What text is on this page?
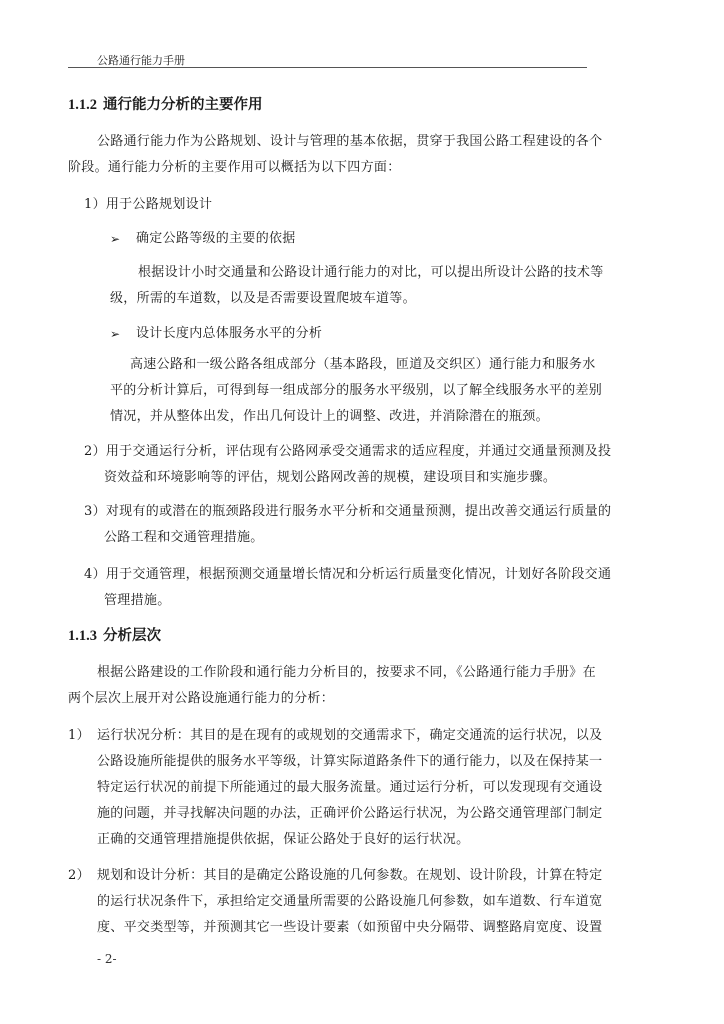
公路通行能力手册
1.1.2 通行能力分析的主要作用
公路通行能力作为公路规划、设计与管理的基本依据，贯穿于我国公路工程建设的各个
阶段。通行能力分析的主要作用可以概括为以下四方面：
1）用于公路规划设计
➢ 确定公路等级的主要的依据
根据设计小时交通量和公路设计通行能力的对比，可以提出所设计公路的技术等
级，所需的车道数，以及是否需要设置爬坡车道等。
➢ 设计长度内总体服务水平的分析
高速公路和一级公路各组成部分（基本路段，匝道及交织区）通行能力和服务水
平的分析计算后，可得到每一组成部分的服务水平级别，以了解全线服务水平的差别
情况，并从整体出发，作出几何设计上的调整、改进，并消除潜在的瓶颈。
2）用于交通运行分析，评估现有公路网承受交通需求的适应程度，并通过交通量预测及投
资效益和环境影响等的评估，规划公路网改善的规模，建设项目和实施步骤。
3）对现有的或潜在的瓶颈路段进行服务水平分析和交通量预测，提出改善交通运行质量的
公路工程和交通管理措施。
4）用于交通管理，根据预测交通量增长情况和分析运行质量变化情况，计划好各阶段交通
管理措施。
1.1.3 分析层次
根据公路建设的工作阶段和通行能力分析目的，按要求不同，《公路通行能力手册》在
两个层次上展开对公路设施通行能力的分析：
1） 运行状况分析：其目的是在现有的或规划的交通需求下，确定交通流的运行状况，以及
公路设施所能提供的服务水平等级，计算实际道路条件下的通行能力，以及在保持某一
特定运行状况的前提下所能通过的最大服务流量。通过运行分析，可以发现现有交通设
施的问题，并寻找解决问题的办法，正确评价公路运行状况，为公路交通管理部门制定
正确的交通管理措施提供依据，保证公路处于良好的运行状况。
2） 规划和设计分析：其目的是确定公路设施的几何参数。在规划、设计阶段，计算在特定
的运行状况条件下，承担给定交通量所需要的公路设施几何参数，如车道数、行车道宽
度、平交类型等，并预测其它一些设计要素（如预留中央分隔带、调整路肩宽度、设置
- 2-
